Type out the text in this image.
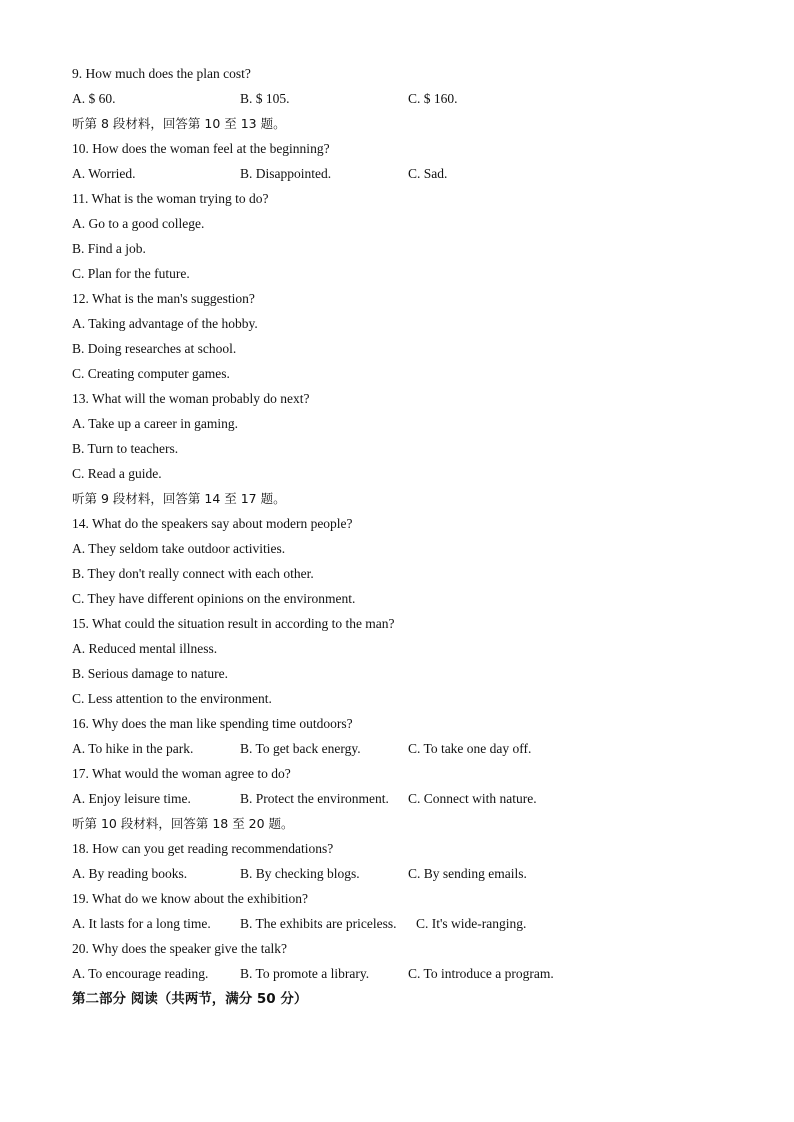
9. How much does the plan cost?
A. $ 60.	B. $ 105.	C. $ 160.
听第 8 段材料，回答第 10 至 13 题。
10. How does the woman feel at the beginning?
A. Worried.	B. Disappointed.	C. Sad.
11. What is the woman trying to do?
A. Go to a good college.
B. Find a job.
C. Plan for the future.
12. What is the man's suggestion?
A. Taking advantage of the hobby.
B. Doing researches at school.
C. Creating computer games.
13. What will the woman probably do next?
A. Take up a career in gaming.
B. Turn to teachers.
C. Read a guide.
听第 9 段材料，回答第 14 至 17 题。
14. What do the speakers say about modern people?
A. They seldom take outdoor activities.
B. They don't really connect with each other.
C. They have different opinions on the environment.
15. What could the situation result in according to the man?
A. Reduced mental illness.
B. Serious damage to nature.
C. Less attention to the environment.
16. Why does the man like spending time outdoors?
A. To hike in the park.	B. To get back energy.	C. To take one day off.
17. What would the woman agree to do?
A. Enjoy leisure time.	B. Protect the environment. C. Connect with nature.
听第 10 段材料，回答第 18 至 20 题。
18. How can you get reading recommendations?
A. By reading books.	B. By checking blogs.	C. By sending emails.
19. What do we know about the exhibition?
A. It lasts for a long time. B. The exhibits are priceless. C. It's wide-ranging.
20. Why does the speaker give the talk?
A. To encourage reading. B. To promote a library.	C. To introduce a program.
第二部分 阅读（共两节，满分 50 分）
